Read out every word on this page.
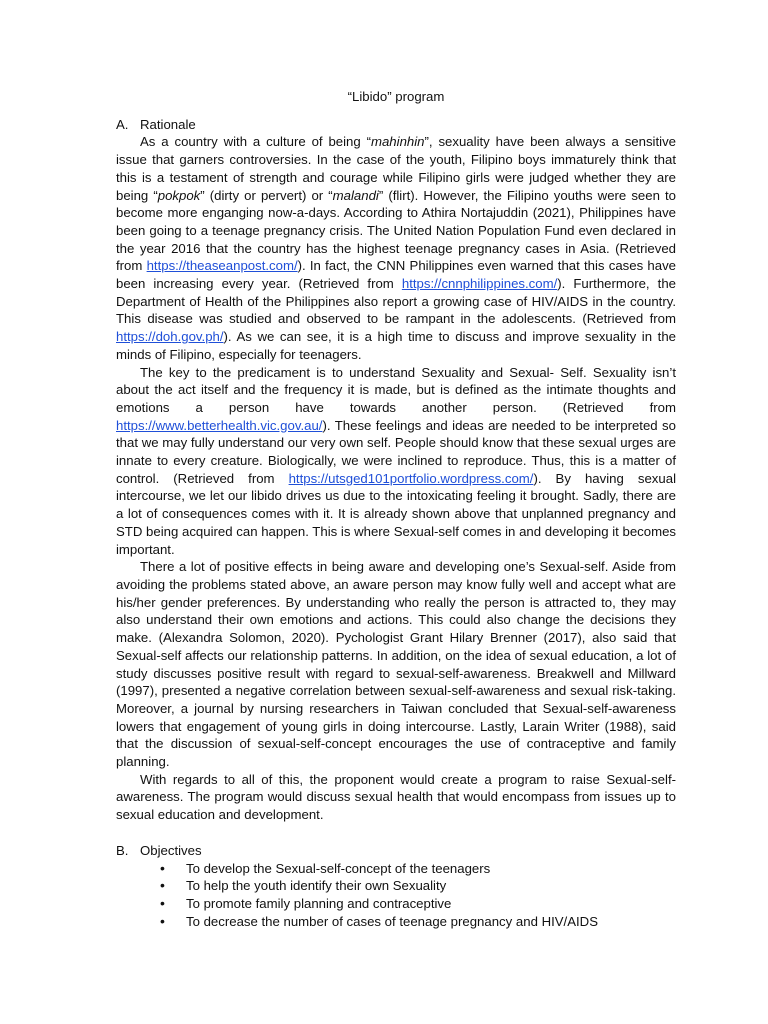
“Libido” program
A. Rationale

As a country with a culture of being “mahinhin”, sexuality have been always a sensitive issue that garners controversies. In the case of the youth, Filipino boys immaturely think that this is a testament of strength and courage while Filipino girls were judged whether they are being “pokpok” (dirty or pervert) or “malandi” (flirt). However, the Filipino youths were seen to become more enganging now-a-days. According to Athira Nortajuddin (2021), Philippines have been going to a teenage pregnancy crisis. The United Nation Population Fund even declared in the year 2016 that the country has the highest teenage pregnancy cases in Asia. (Retrieved from https://theaseanpost.com/). In fact, the CNN Philippines even warned that this cases have been increasing every year. (Retrieved from https://cnnphilippines.com/). Furthermore, the Department of Health of the Philippines also report a growing case of HIV/AIDS in the country. This disease was studied and observed to be rampant in the adolescents. (Retrieved from https://doh.gov.ph/). As we can see, it is a high time to discuss and improve sexuality in the minds of Filipino, especially for teenagers.

The key to the predicament is to understand Sexuality and Sexual- Self. Sexuality isn’t about the act itself and the frequency it is made, but is defined as the intimate thoughts and emotions a person have towards another person. (Retrieved from https://www.betterhealth.vic.gov.au/). These feelings and ideas are needed to be interpreted so that we may fully understand our very own self. People should know that these sexual urges are innate to every creature. Biologically, we were inclined to reproduce. Thus, this is a matter of control. (Retrieved from https://utsged101portfolio.wordpress.com/). By having sexual intercourse, we let our libido drives us due to the intoxicating feeling it brought. Sadly, there are a lot of consequences comes with it. It is already shown above that unplanned pregnancy and STD being acquired can happen. This is where Sexual-self comes in and developing it becomes important.

There a lot of positive effects in being aware and developing one’s Sexual-self. Aside from avoiding the problems stated above, an aware person may know fully well and accept what are his/her gender preferences. By understanding who really the person is attracted to, they may also understand their own emotions and actions. This could also change the decisions they make. (Alexandra Solomon, 2020). Pychologist Grant Hilary Brenner (2017), also said that Sexual-self affects our relationship patterns. In addition, on the idea of sexual education, a lot of study discusses positive result with regard to sexual-self-awareness. Breakwell and Millward (1997), presented a negative correlation between sexual-self-awareness and sexual risk-taking. Moreover, a journal by nursing researchers in Taiwan concluded that Sexual-self-awareness lowers that engagement of young girls in doing intercourse. Lastly, Larain Writer (1988), said that the discussion of sexual-self-concept encourages the use of contraceptive and family planning.

With regards to all of this, the proponent would create a program to raise Sexual-self-awareness. The program would discuss sexual health that would encompass from issues up to sexual education and development.

B. Objectives
•
To develop the Sexual-self-concept of the teenagers
•
To help the youth identify their own Sexuality
•
To promote family planning and contraceptive
•
To decrease the number of cases of teenage pregnancy and HIV/AIDS
